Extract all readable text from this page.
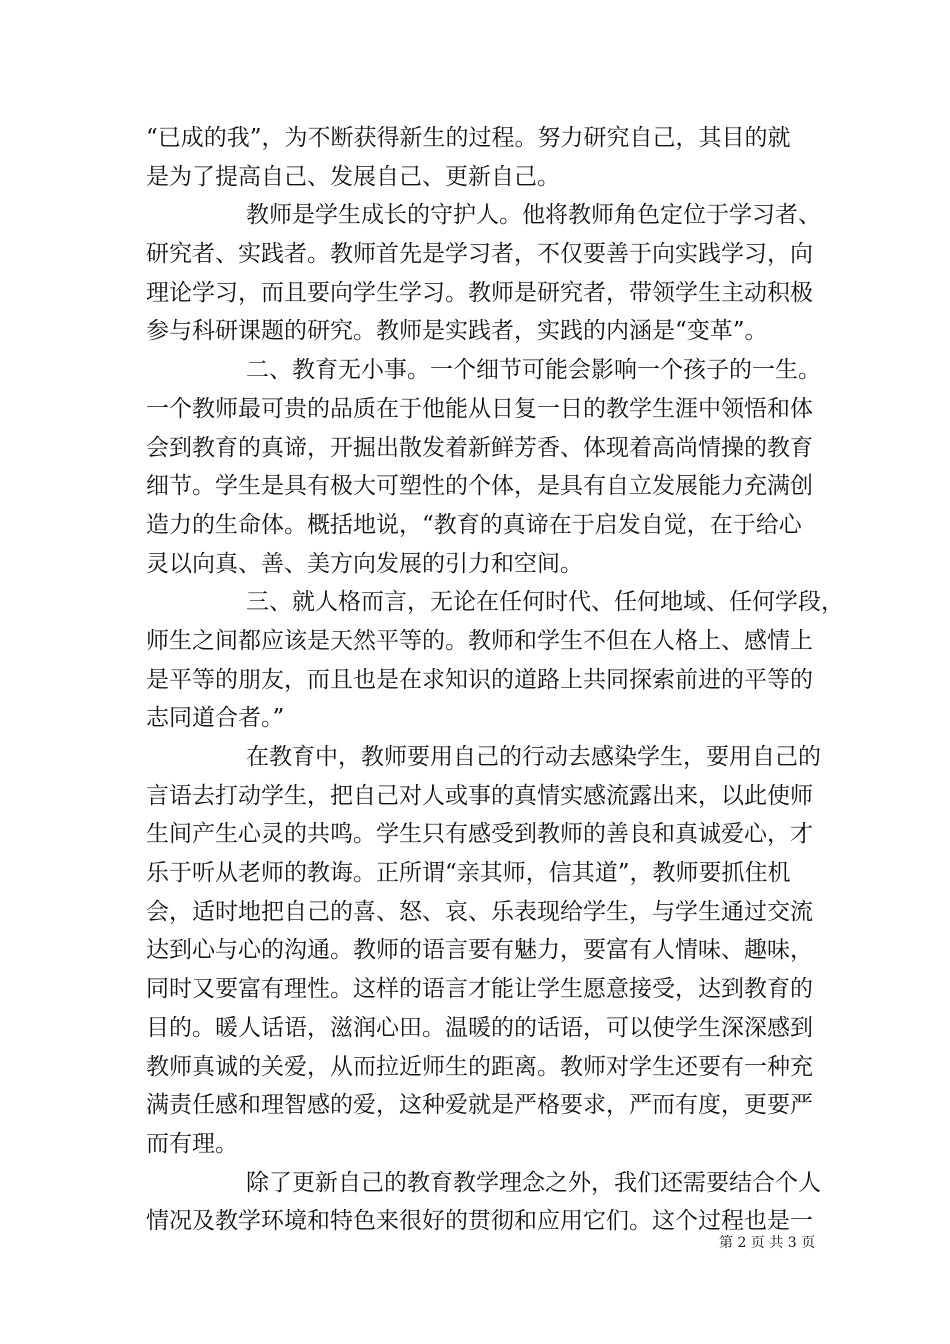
“已成的我”，为不断获得新生的过程。努力研究自己，其目的就
是为了提高自己、发展自己、更新自己。
教师是学生成长的守护人。他将教师角色定位于学习者、
研究者、实践者。教师首先是学习者，不仅要善于向实践学习，向
理论学习，而且要向学生学习。教师是研究者，带领学生主动积极
参与科研课题的研究。教师是实践者，实践的内涵是“变革”。
二、教育无小事。一个细节可能会影响一个孩子的一生。
一个教师最可贵的品质在于他能从日复一日的教学生涯中领悟和体
会到教育的真谛，开掘出散发着新鲜芳香、体现着高尚情操的教育
细节。学生是具有极大可塑性的个体，是具有自立发展能力充满创
造力的生命体。概括地说，“教育的真谛在于启发自觉，在于给心
灵以向真、善、美方向发展的引力和空间。
三、就人格而言，无论在任何时代、任何地域、任何学段，
师生之间都应该是天然平等的。教师和学生不但在人格上、感情上
是平等的朋友，而且也是在求知识的道路上共同探索前进的平等的
志同道合者。”
在教育中，教师要用自己的行动去感染学生，要用自己的
言语去打动学生，把自己对人或事的真情实感流露出来，以此使师
生间产生心灵的共鸣。学生只有感受到教师的善良和真诚爱心，才
乐于听从老师的教诲。正所谓“亲其师，信其道”，教师要抓住机
会，适时地把自己的喜、怒、哀、乐表现给学生，与学生通过交流
达到心与心的沟通。教师的语言要有魅力，要富有人情味、趣味，
同时又要富有理性。这样的语言才能让学生愿意接受，达到教育的
目的。暖人话语，滋润心田。温暖的的话语，可以使学生深深感到
教师真诚的关爱，从而拉近师生的距离。教师对学生还要有一种充
满责任感和理智感的爱，这种爱就是严格要求，严而有度，更要严
而有理。
除了更新自己的教育教学理念之外，我们还需要结合个人
情况及教学环境和特色来很好的贯彻和应用它们。这个过程也是一
第 2 页 共 3 页
